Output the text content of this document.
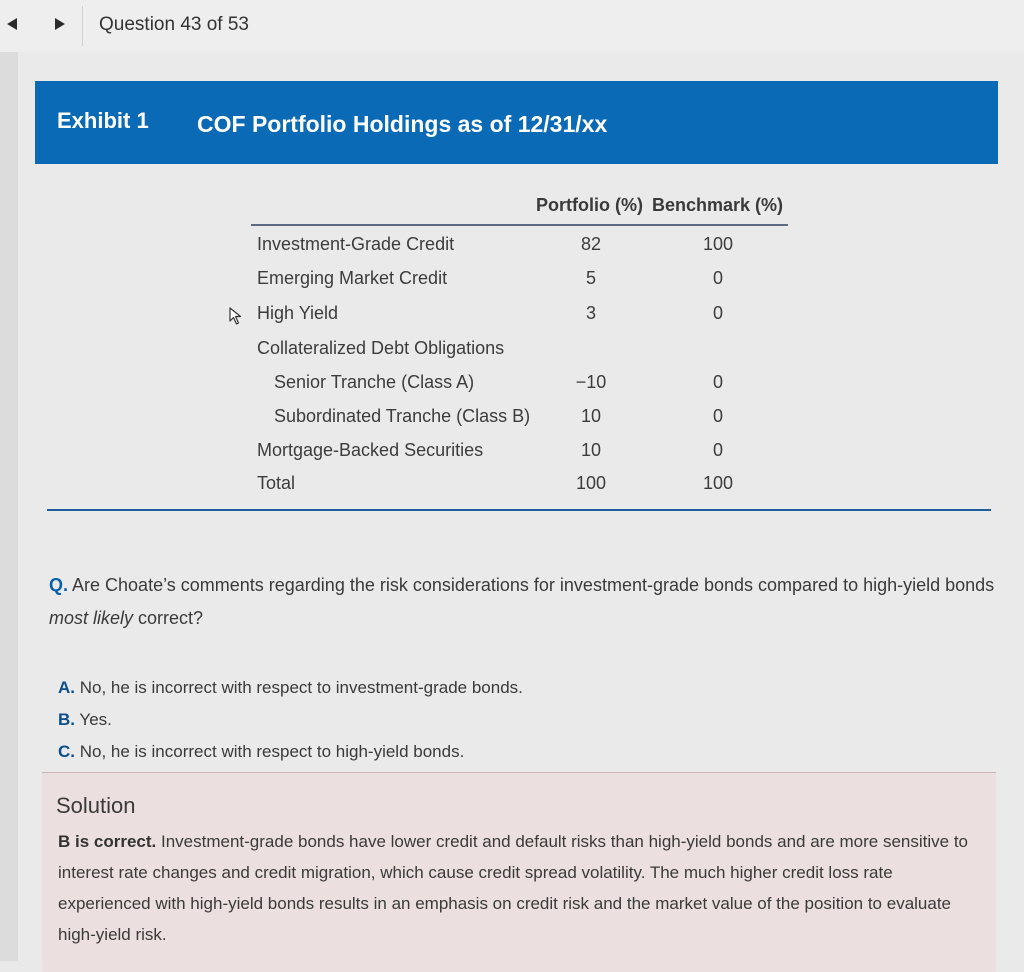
Question 43 of 53
Exhibit 1 COF Portfolio Holdings as of 12/31/xx
Portfolio (%) Benchmark (%)
Investment-Grade Credit	82	100
Emerging Market Credit	5	0
High Yield	3	0
Collateralized Debt Obligations
Senior Tranche (Class A)	−10	0
Subordinated Tranche (Class B)	10	0
Mortgage-Backed Securities	10	0
Total	100	100
Q. Are Choate’s comments regarding the risk considerations for investment-grade bonds compared to high-yield bonds most likely correct?
A. No, he is incorrect with respect to investment-grade bonds.
B. Yes.
C. No, he is incorrect with respect to high-yield bonds.
Solution
B is correct. Investment-grade bonds have lower credit and default risks than high-yield bonds and are more sensitive to interest rate changes and credit migration, which cause credit spread volatility. The much higher credit loss rate experienced with high-yield bonds results in an emphasis on credit risk and the market value of the position to evaluate high-yield risk.
